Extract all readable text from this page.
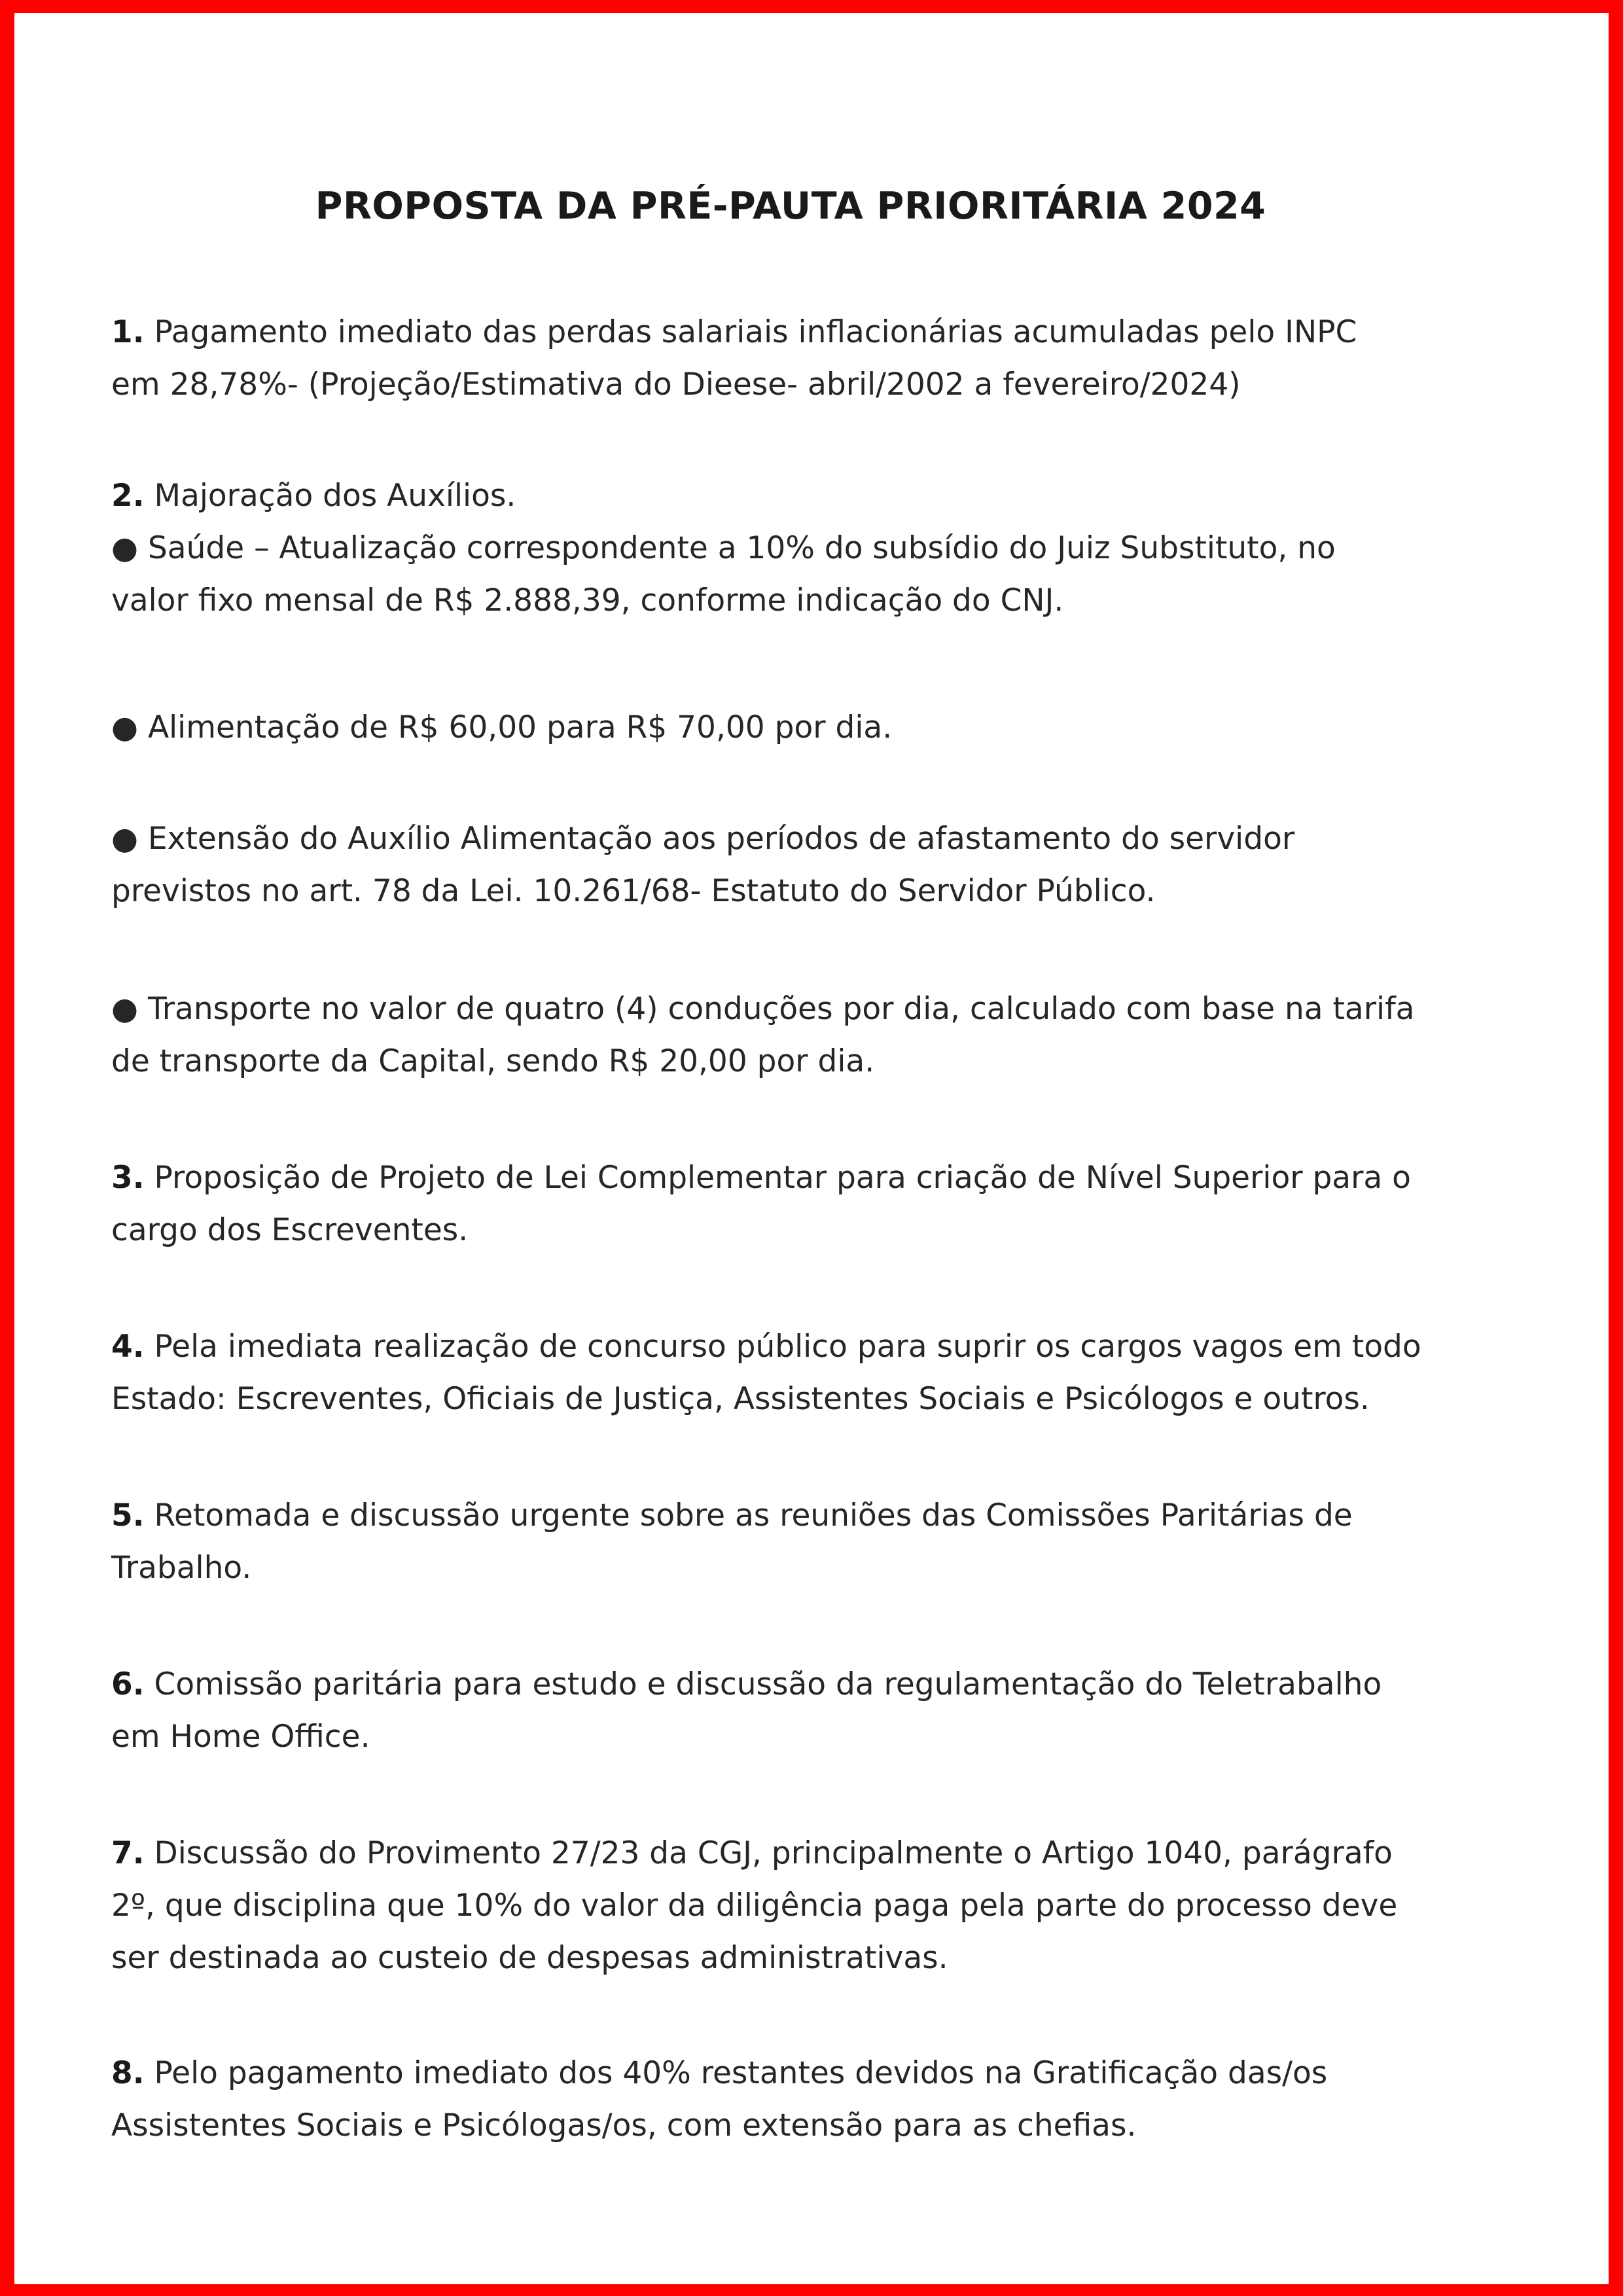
PROPOSTA DA PRÉ-PAUTA PRIORITÁRIA 2024
1. Pagamento imediato das perdas salariais inflacionárias acumuladas pelo INPC
em 28,78%- (Projeção/Estimativa do Dieese- abril/2002 a fevereiro/2024)
2. Majoração dos Auxílios.
● Saúde – Atualização correspondente a 10% do subsídio do Juiz Substituto, no
valor fixo mensal de R$ 2.888,39, conforme indicação do CNJ.
● Alimentação de R$ 60,00 para R$ 70,00 por dia.
● Extensão do Auxílio Alimentação aos períodos de afastamento do servidor
previstos no art. 78 da Lei. 10.261/68- Estatuto do Servidor Público.
● Transporte no valor de quatro (4) conduções por dia, calculado com base na tarifa
de transporte da Capital, sendo R$ 20,00 por dia.
3. Proposição de Projeto de Lei Complementar para criação de Nível Superior para o
cargo dos Escreventes.
4. Pela imediata realização de concurso público para suprir os cargos vagos em todo
Estado: Escreventes, Oficiais de Justiça, Assistentes Sociais e Psicólogos e outros.
5. Retomada e discussão urgente sobre as reuniões das Comissões Paritárias de
Trabalho.
6. Comissão paritária para estudo e discussão da regulamentação do Teletrabalho
em Home Office.
7. Discussão do Provimento 27/23 da CGJ, principalmente o Artigo 1040, parágrafo
2º, que disciplina que 10% do valor da diligência paga pela parte do processo deve
ser destinada ao custeio de despesas administrativas.
8. Pelo pagamento imediato dos 40% restantes devidos na Gratificação das/os
Assistentes Sociais e Psicólogas/os, com extensão para as chefias.
